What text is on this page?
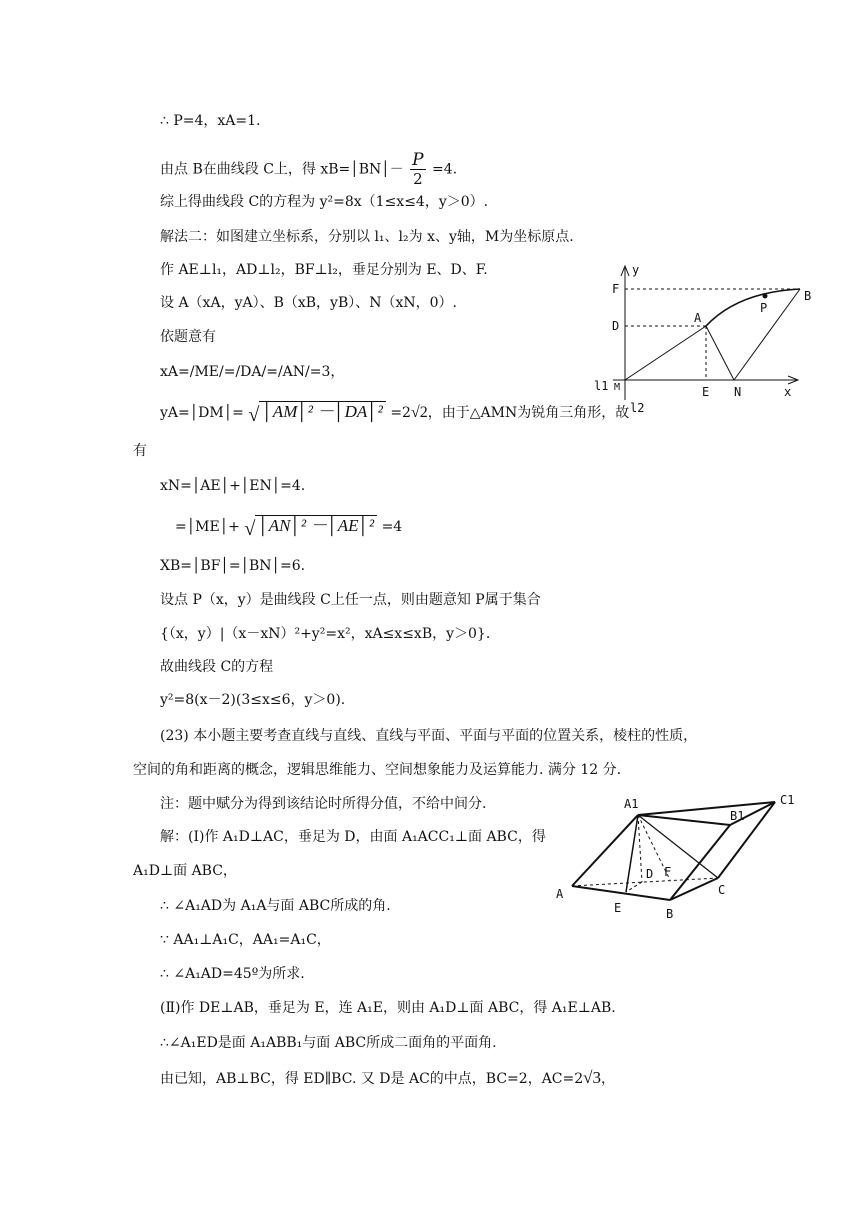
∴ P=4，xA=1.
由点 B在曲线段 C上，得 xB=│BN│－ $\frac{P}{2} =4$.
综上得曲线段 C的方程为 y²=8x（1≤x≤4，y＞0）.
解法二：如图建立坐标系，分别以 l₁、l₂为 x、y轴，M为坐标原点.
作 AE⊥l₁，AD⊥l₂，BF⊥l₂，垂足分别为 E、D、F.
设 A（xA，yA）、B（xB，yB）、N（xN，0）.
依题意有
xA=/ME/=/DA/=/AN/=3，
yA=│DM│= √ │AM│² －│DA│² =2√2，由于△AMN为锐角三角形，故
有
xN=│AE│+│EN│=4.
=│ME│+ √ │AN│² －│AE│² =4
XB=│BF│=│BN│=6.
设点 P（x，y）是曲线段 C上任一点，则由题意知 P属于集合
{（x，y）|（x－xN）²+y²=x²，xA≤x≤xB，y＞0}.
故曲线段 C的方程
y²=8(x－2)(3≤x≤6，y＞0).
(23) 本小题主要考查直线与直线、直线与平面、平面与平面的位置关系，棱柱的性质，
空间的角和距离的概念，逻辑思维能力、空间想象能力及运算能力. 满分 12 分.
注：题中赋分为得到该结论时所得分值，不给中间分.
解：(Ⅰ)作 A₁D⊥AC，垂足为 D，由面 A₁ACC₁⊥面 ABC，得
A₁D⊥面 ABC，
∴ ∠A₁AD为 A₁A与面 ABC所成的角.
∵ AA₁⊥A₁C，AA₁=A₁C，
∴ ∠A₁AD=45º为所求.
(Ⅱ)作 DE⊥AB，垂足为 E，连 A₁E，则由 A₁D⊥面 ABC，得 A₁E⊥AB.
∴∠A₁ED是面 A₁ABB₁与面 ABC所成二面角的平面角.
由已知，AB⊥BC，得 ED∥BC. 又 D是 AC的中点，BC=2，AC=2√3，
y
F	B
P
A
D
l1 M	E N	x
l2
A1	C1
B1
D F
C
A
E	B
